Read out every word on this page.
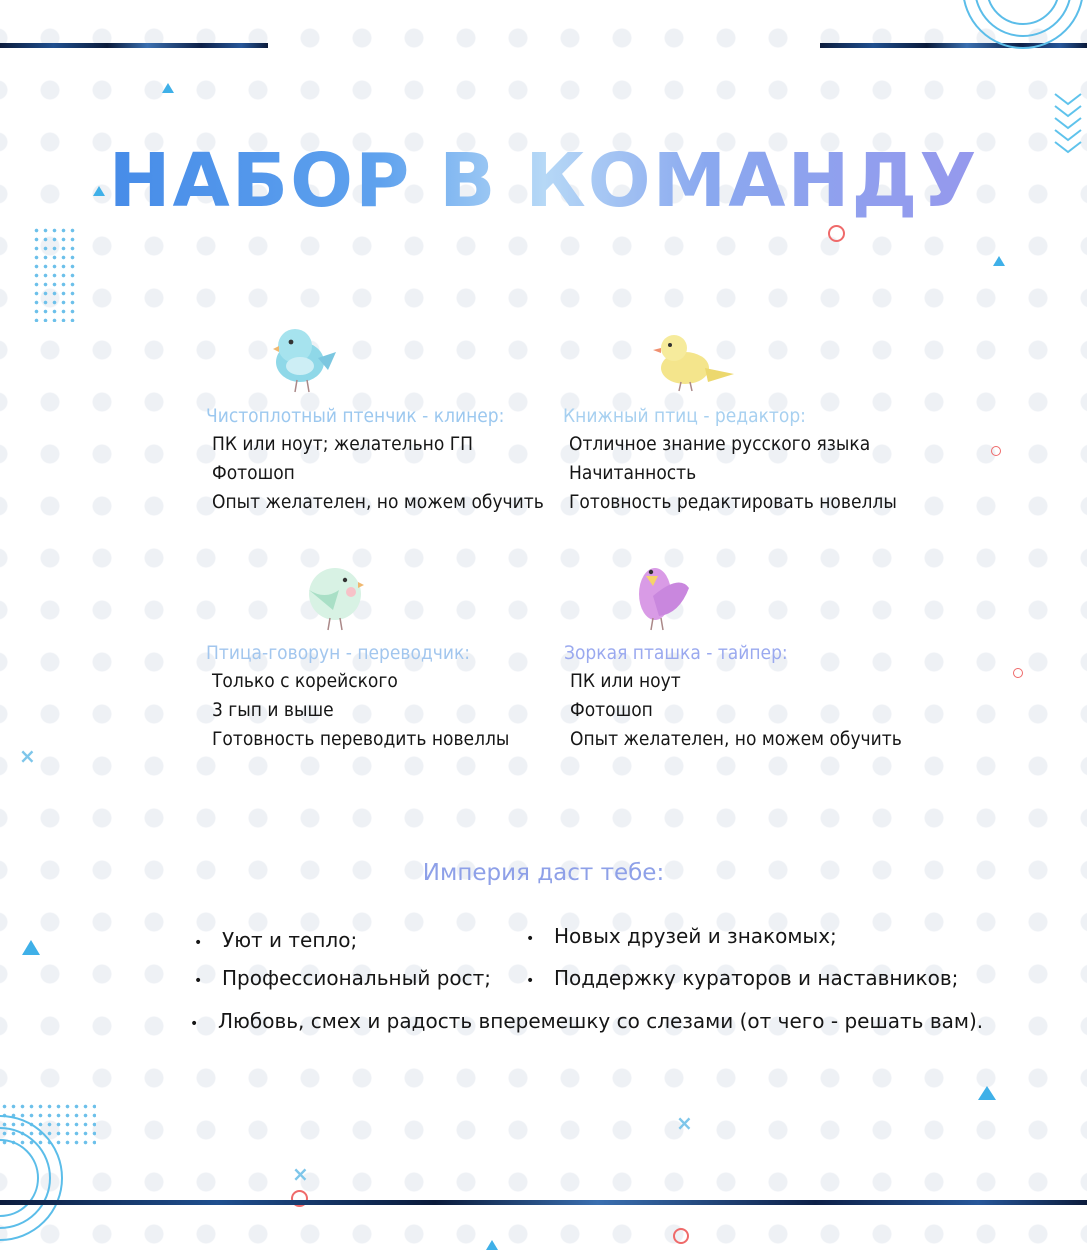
×
×
×
НАБОР В КОМАНДУ
Чистоплотный птенчик - клинер:
ПК или ноут; желательно ГП
Фотошоп
Опыт желателен, но можем обучить
Книжный птиц - редактор:
Отличное знание русского языка
Начитанность
Готовность редактировать новеллы
Птица-говорун - переводчик:
Только с корейского
3 гып и выше
Готовность переводить новеллы
Зоркая пташка - тайпер:
ПК или ноут
Фотошоп
Опыт желателен, но можем обучить
Империя даст тебе:
• Уют и тепло;	• Новых друзей и знакомых;
• Профессиональный рост; • Поддержку кураторов и наставников;
• Любовь, смех и радость вперемешку со слезами (от чего - решать вам).
